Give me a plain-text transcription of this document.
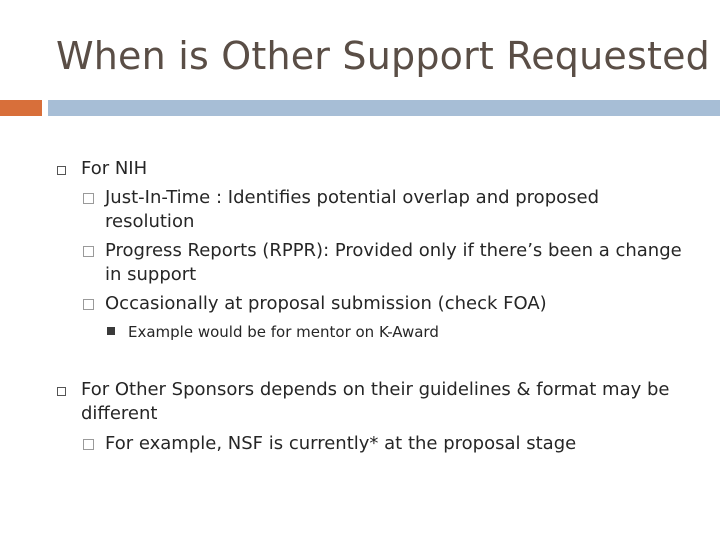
When is Other Support Requested
For NIH
Just-In-Time : Identifies potential overlap and proposed
resolution
Progress Reports (RPPR): Provided only if there’s been a change
in support
Occasionally at proposal submission (check FOA)
Example would be for mentor on K-Award
For Other Sponsors depends on their guidelines & format may be
different
For example, NSF is currently* at the proposal stage
